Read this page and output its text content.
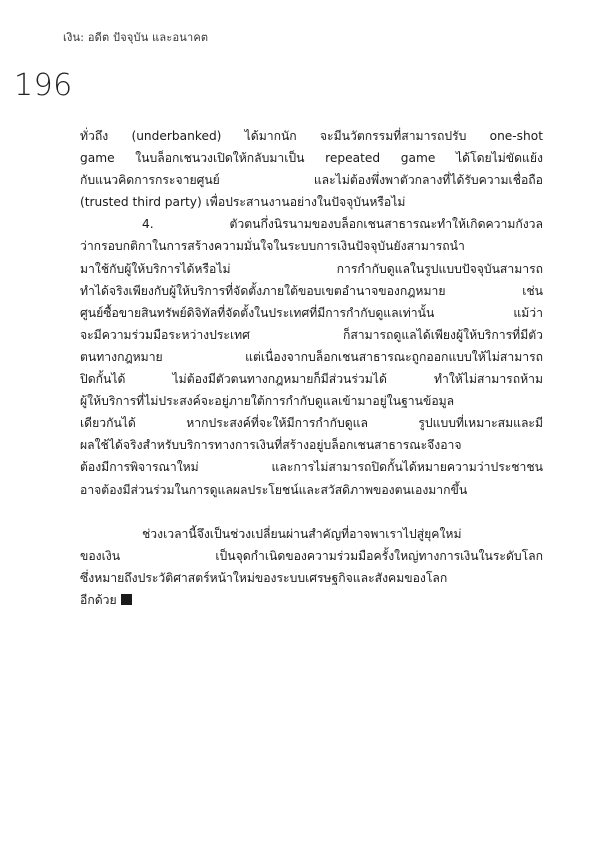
เงิน: อดีต ปัจจุบัน และอนาคต
196
ทั่วถึง (underbanked) ได้มากนัก จะมีนวัตกรรมที่สามารถปรับ one-shot
game ในบล็อกเชนวงเปิดให้กลับมาเป็น repeated game ได้โดยไม่ขัดแย้ง
กับแนวคิดการกระจายศูนย์ และไม่ต้องพึ่งพาตัวกลางที่ได้รับความเชื่อถือ
(trusted third party) เพื่อประสานงานอย่างในปัจจุบันหรือไม่
4. ตัวตนกึ่งนิรนามของบล็อกเชนสาธารณะทำให้เกิดความกังวล
ว่ากรอบกติกาในการสร้างความมั่นใจในระบบการเงินปัจจุบันยังสามารถนำ
มาใช้กับผู้ให้บริการได้หรือไม่ การกำกับดูแลในรูปแบบปัจจุบันสามารถ
ทำได้จริงเพียงกับผู้ให้บริการที่จัดตั้งภายใต้ขอบเขตอำนาจของกฎหมาย เช่น
ศูนย์ซื้อขายสินทรัพย์ดิจิทัลที่จัดตั้งในประเทศที่มีการกำกับดูแลเท่านั้น แม้ว่า
จะมีความร่วมมือระหว่างประเทศ ก็สามารถดูแลได้เพียงผู้ให้บริการที่มีตัว
ตนทางกฎหมาย แต่เนื่องจากบล็อกเชนสาธารณะถูกออกแบบให้ไม่สามารถ
ปิดกั้นได้ ไม่ต้องมีตัวตนทางกฎหมายก็มีส่วนร่วมได้ ทำให้ไม่สามารถห้าม
ผู้ให้บริการที่ไม่ประสงค์จะอยู่ภายใต้การกำกับดูแลเข้ามาอยู่ในฐานข้อมูล
เดียวกันได้ หากประสงค์ที่จะให้มีการกำกับดูแล รูปแบบที่เหมาะสมและมี
ผลใช้ได้จริงสำหรับบริการทางการเงินที่สร้างอยู่บล็อกเชนสาธารณะจึงอาจ
ต้องมีการพิจารณาใหม่ และการไม่สามารถปิดกั้นได้หมายความว่าประชาชน
อาจต้องมีส่วนร่วมในการดูแลผลประโยชน์และสวัสดิภาพของตนเองมากขึ้น
ช่วงเวลานี้จึงเป็นช่วงเปลี่ยนผ่านสำคัญที่อาจพาเราไปสู่ยุคใหม่
ของเงิน เป็นจุดกำเนิดของความร่วมมือครั้งใหญ่ทางการเงินในระดับโลก
ซึ่งหมายถึงประวัติศาสตร์หน้าใหม่ของระบบเศรษฐกิจและสังคมของโลก
อีกด้วย
